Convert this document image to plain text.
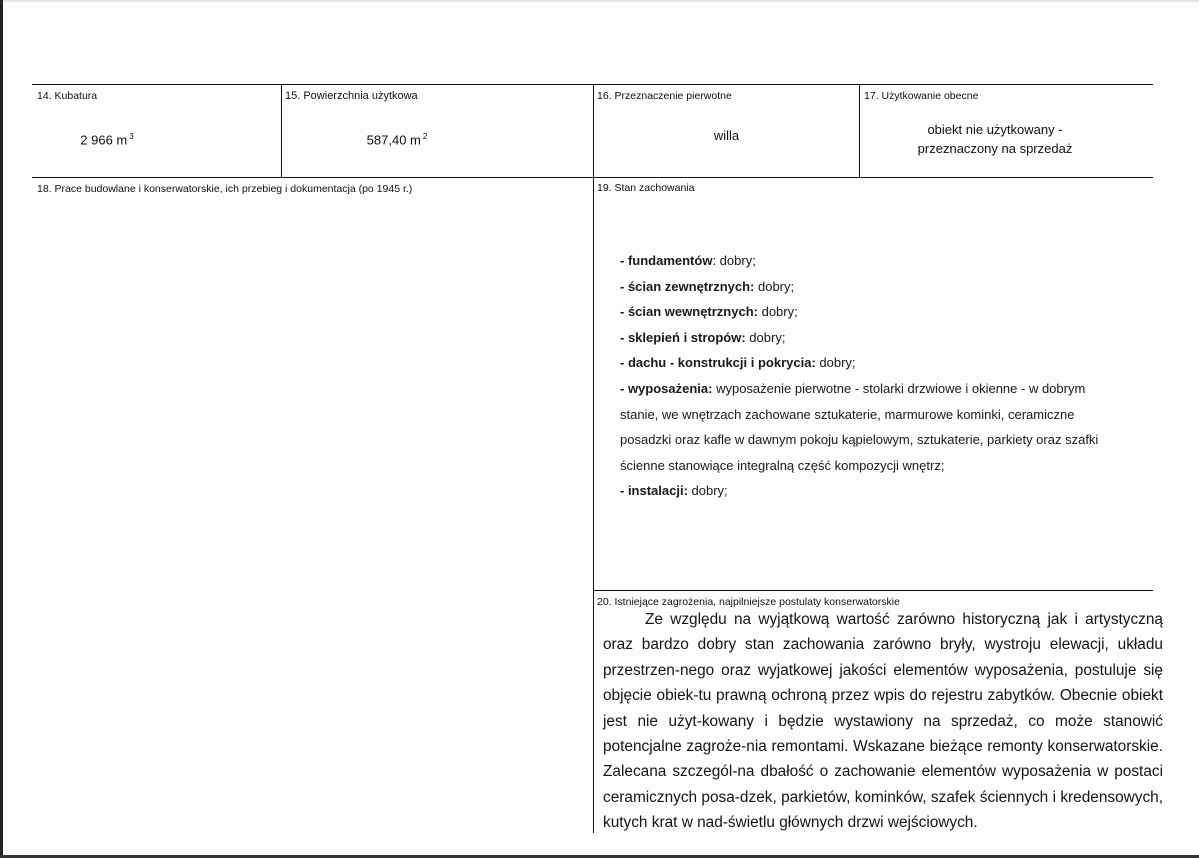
14. Kubatura
2 966 m $^3$
15. Powierzchnia użytkowa
587,40 m $^2$
16. Przeznaczenie pierwotne
willa
17. Użytkowanie obecne
obiekt nie użytkowany -
przeznaczony na sprzedaż
18. Prace budowlane i konserwatorskie, ich przebieg i dokumentacja (po 1945 r.)	19. Stan zachowania
- fundamentów: dobry;
- ścian zewnętrznych: dobry;
- ścian wewnętrznych: dobry;
- sklepień i stropów: dobry;
- dachu - konstrukcji i pokrycia: dobry;
- wyposażenia: wyposażenie pierwotne - stolarki drzwiowe i okienne - w dobrym
stanie, we wnętrzach zachowane sztukaterie, marmurowe kominki, ceramiczne
posadzki oraz kafle w dawnym pokoju kąpielowym, sztukaterie, parkiety oraz szafki
ścienne stanowiące integralną część kompozycji wnętrz;
- instalacji: dobry;
20. Istniejące zagrożenia, najpilniejsze postulaty konserwatorskie

Ze względu na wyjątkową wartość zarówno historyczną jak i artystyczną oraz bardzo dobry stan zachowania zarówno bryły, wystroju elewacji, układu przestrzen-nego oraz wyjatkowej jakości elementów wyposażenia, postuluje się objęcie obiek-tu prawną ochroną przez wpis do rejestru zabytków. Obecnie obiekt jest nie użyt-kowany i będzie wystawiony na sprzedaż, co może stanowić potencjalne zagroże-nia remontami. Wskazane bieżące remonty konserwatorskie. Zalecana szczegól-na dbałość o zachowanie elementów wyposażenia w postaci ceramicznych posa-dzek, parkietów, kominków, szafek ściennych i kredensowych, kutych krat w nad-świetlu głównych drzwi wejściowych.
